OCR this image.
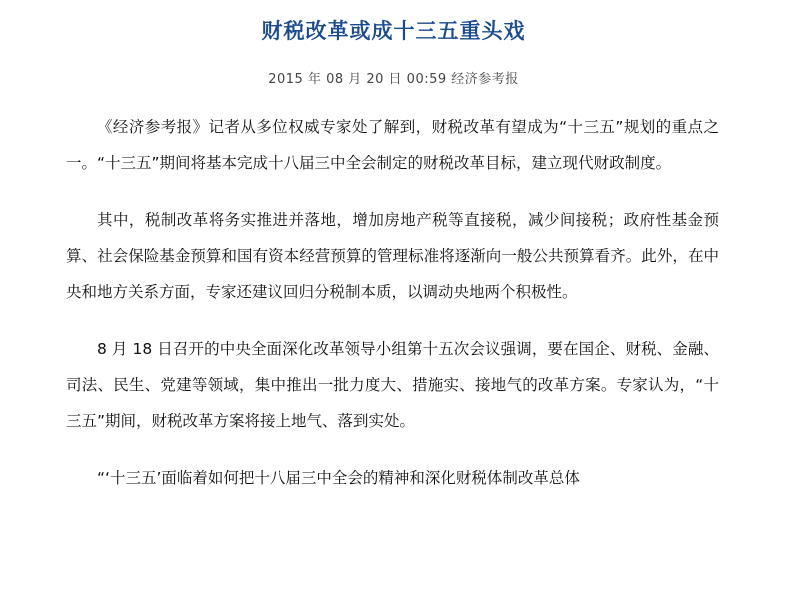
财税改革或成十三五重头戏
2015 年 08 月 20 日 00:59 经济参考报

《经济参考报》记者从多位权威专家处了解到，财税改革有望成为“十三五”规划的重点之一。“十三五”期间将基本完成十八届三中全会制定的财税改革目标，建立现代财政制度。

其中，税制改革将务实推进并落地，增加房地产税等直接税，减少间接税；政府性基金预算、社会保险基金预算和国有资本经营预算的管理标准将逐渐向一般公共预算看齐。此外，在中央和地方关系方面，专家还建议回归分税制本质，以调动央地两个积极性。

8 月 18 日召开的中央全面深化改革领导小组第十五次会议强调，要在国企、财税、金融、司法、民生、党建等领域，集中推出一批力度大、措施实、接地气的改革方案。专家认为，“十三五”期间，财税改革方案将接上地气、落到实处。

“‘十三五’面临着如何把十八届三中全会的精神和深化财税体制改革总体
